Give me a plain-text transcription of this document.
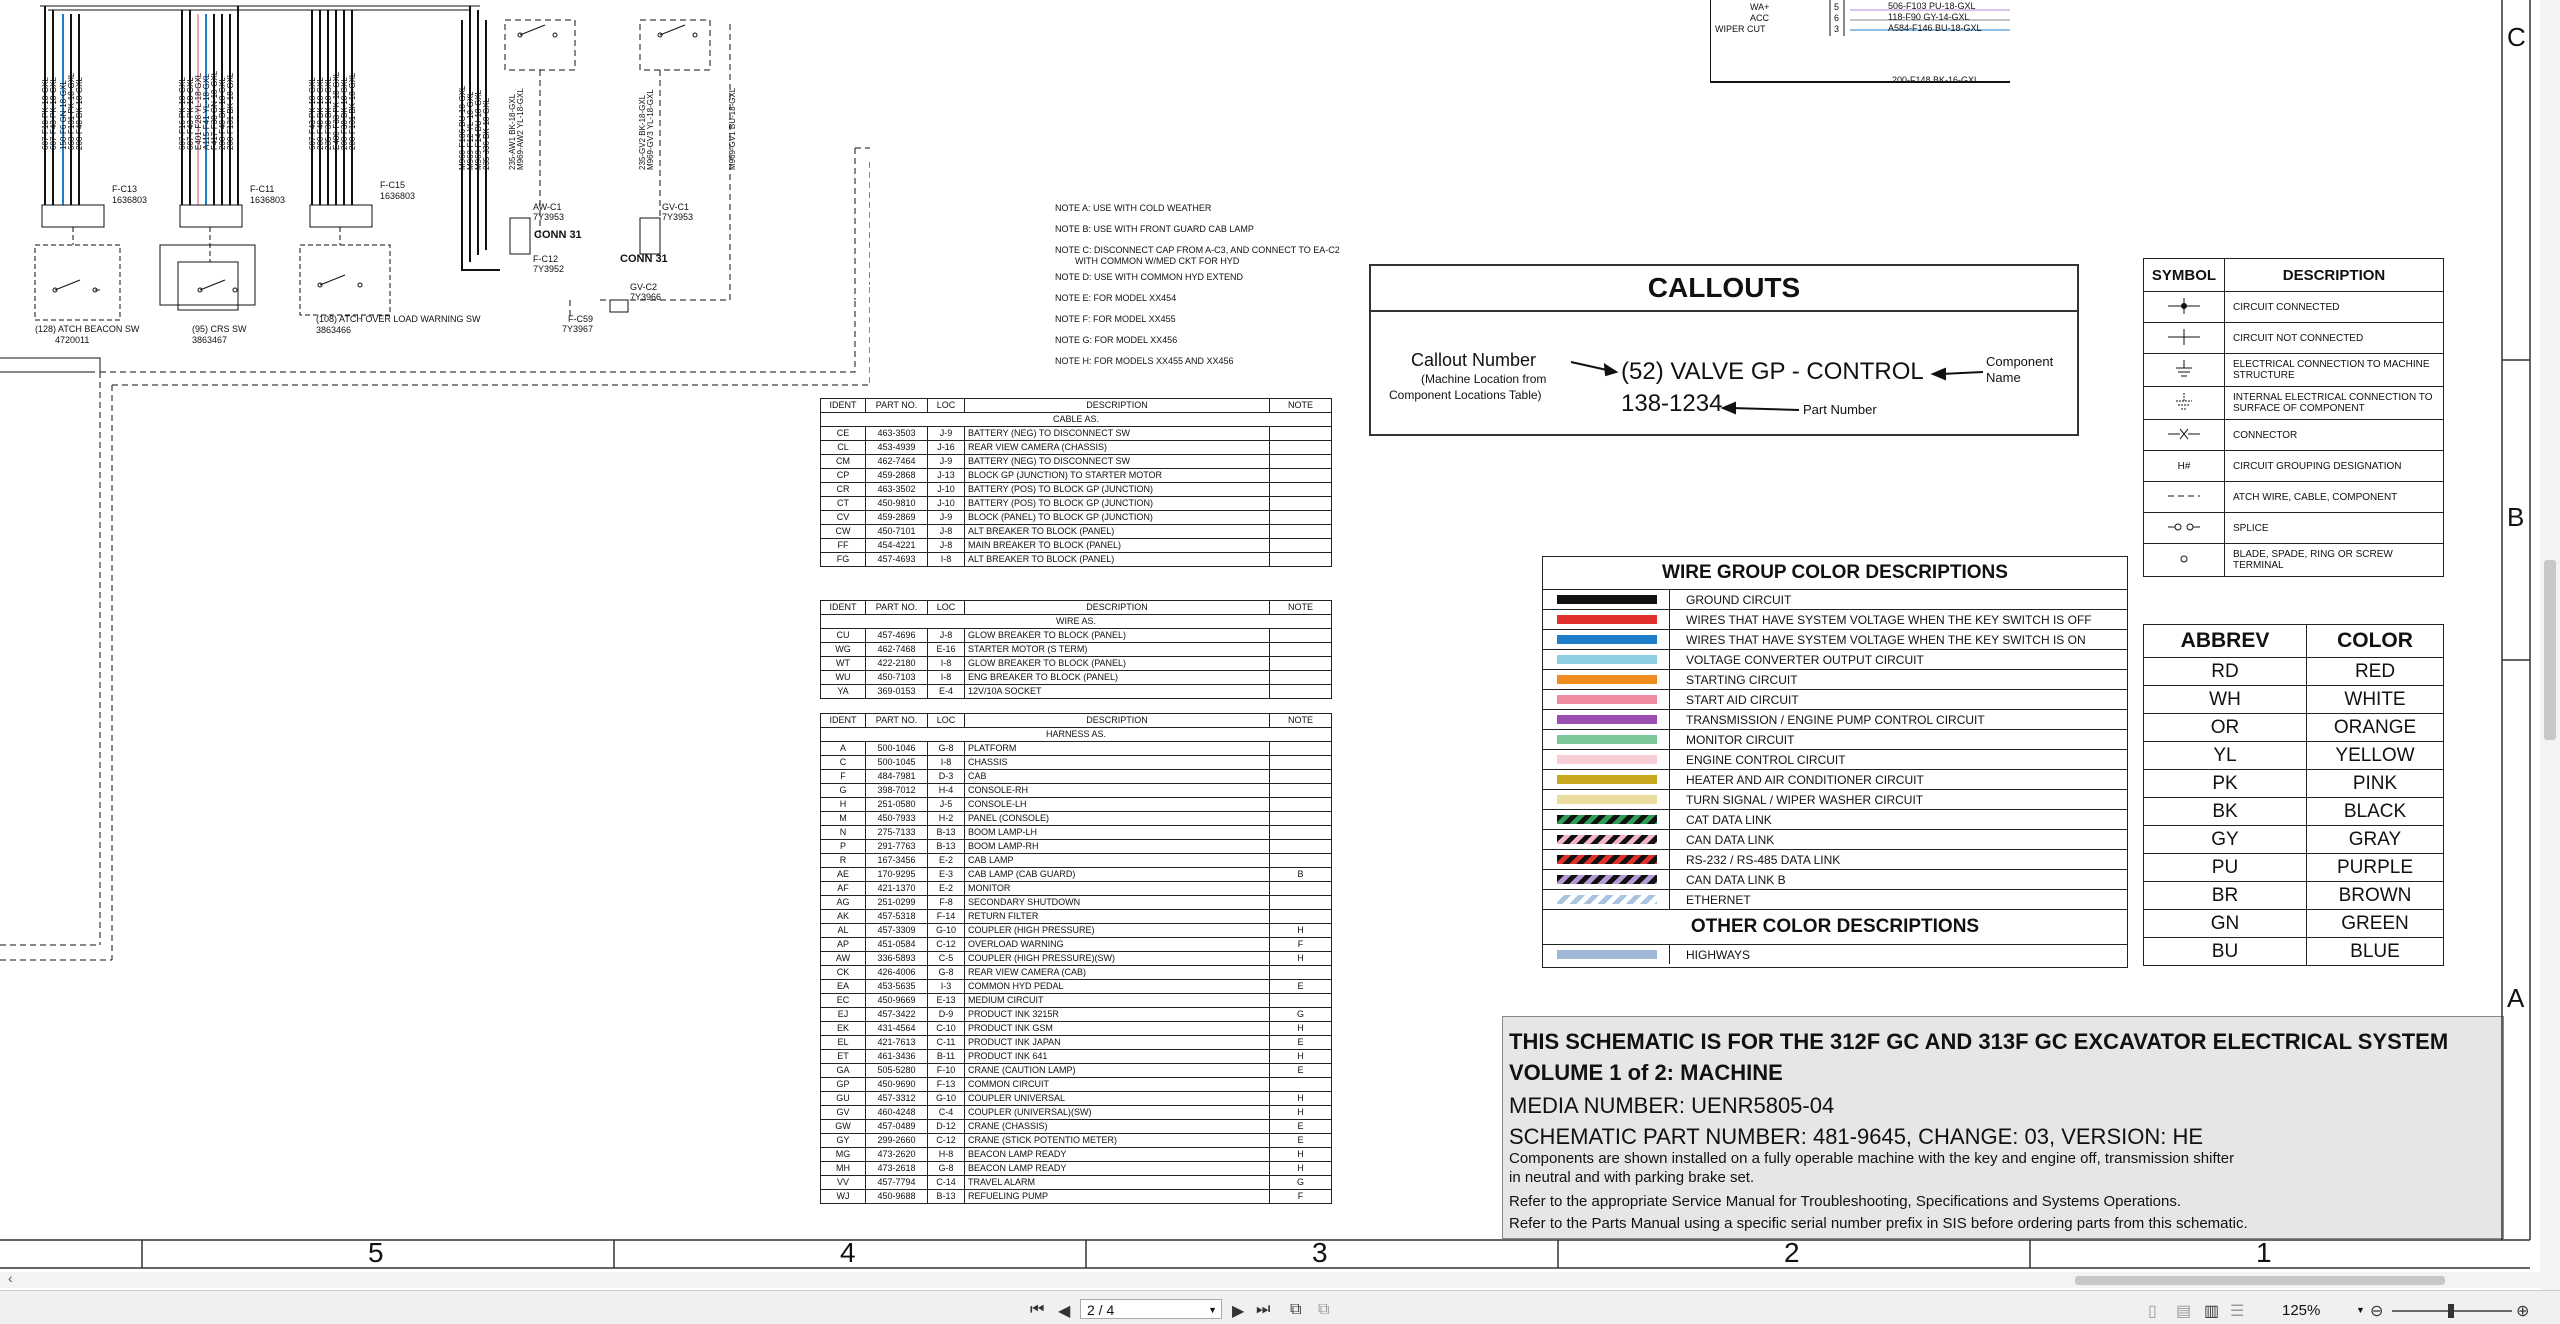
607-F18 PK-18-GXL 607-F43 PK-18-GXL 150-F6 GN-18-GXL 663-F131 PK-18-GXL 200-F48 BK-18-GXL	607-F16 PK-18-GXL 607-F43 PK-18-GXL E401-F28 YL-18-GXL A115-F41 YL-18-GXL F417-F38 GN-18-GXL 200-F48 BK-18-GXL 200-F131 BK-18-GXL	607-F43 PK-18-GXL 200-F48 BK-18-GXL 235-F38 BK-18-GXL E480-F33 PK-18-GXL 200-F38 BK-18-GXL 200-F131 BK-18-GXL	M960-F186 BU-18-GXL M969-F12 YL-18-GXL M969-F14 BU-18-GXL 235-J36 BK-18-GXL 235-AW1 BK-18-GXL M969-AW2 YL-18-GXL	235-GV2 BK-18-GXL M969-GV3 YL-18-GXL	M969-GV1 BU-18-GXL
F-C13
1636803
F-C11
1636803
F-C15
1636803
AW-C1
7Y3953
GV-C1
7Y3953
F-C12
7Y3952
GV-C2
7Y3966
F-C59
7Y3967
CONN 31
CONN 31
(128) ATCH BEACON SW
4720011
(95) CRS SW
3863467
(108) ATCH OVER LOAD WARNING SW
3863466
WA+
ACC
WIPER CUT
5
6
3
506-F103 PU-18-GXL
118-F90 GY-14-GXL
A584-F146 BU-18-GXL
200-F148 BK-16-GXL
NOTE A: USE WITH COLD WEATHER
NOTE B: USE WITH FRONT GUARD CAB LAMP
NOTE C: DISCONNECT CAP FROM A-C3, AND CONNECT TO EA-C2
WITH COMMON W/MED CKT FOR HYD
NOTE D: USE WITH COMMON HYD EXTEND
NOTE E: FOR MODEL XX454
NOTE F: FOR MODEL XX455
NOTE G: FOR MODEL XX456
NOTE H: FOR MODELS XX455 AND XX456
IDENT	PART NO.	LOC	DESCRIPTION	NOTE
CABLE AS.				
CE	463-3503	J-9	BATTERY (NEG) TO DISCONNECT SW	
CL	453-4939	J-16	REAR VIEW CAMERA (CHASSIS)	
CM	462-7464	J-9	BATTERY (NEG) TO DISCONNECT SW	
CP	459-2868	J-13	BLOCK GP (JUNCTION) TO STARTER MOTOR	
CR	463-3502	J-10	BATTERY (POS) TO BLOCK GP (JUNCTION)	
CT	450-9810	J-10	BATTERY (POS) TO BLOCK GP (JUNCTION)	
CV	459-2869	J-9	BLOCK (PANEL) TO BLOCK GP (JUNCTION)	
CW	450-7101	J-8	ALT BREAKER TO BLOCK (PANEL)	
FF	454-4221	J-8	MAIN BREAKER TO BLOCK (PANEL)	
FG	457-4693	I-8	ALT BREAKER TO BLOCK (PANEL)	
IDENT	PART NO.	LOC	DESCRIPTION	NOTE
WIRE AS.				
CU	457-4696	J-8	GLOW BREAKER TO BLOCK (PANEL)	
WG	462-7468	E-16	STARTER MOTOR (S TERM)	
WT	422-2180	I-8	GLOW BREAKER TO BLOCK (PANEL)	
WU	450-7103	I-8	ENG BREAKER TO BLOCK (PANEL)	
YA	369-0153	E-4	12V/10A SOCKET	
IDENT	PART NO.	LOC	DESCRIPTION	NOTE
HARNESS AS.				
A	500-1046	G-8	PLATFORM	
C	500-1045	I-8	CHASSIS	
F	484-7981	D-3	CAB	
G	398-7012	H-4	CONSOLE-RH	
H	251-0580	J-5	CONSOLE-LH	
M	450-7933	H-2	PANEL (CONSOLE)	
N	275-7133	B-13	BOOM LAMP-LH	
P	291-7763	B-13	BOOM LAMP-RH	
R	167-3456	E-2	CAB LAMP	
AE	170-9295	E-3	CAB LAMP (CAB GUARD)	B
AF	421-1370	E-2	MONITOR	
AG	251-0299	F-8	SECONDARY SHUTDOWN	
AK	457-5318	F-14	RETURN FILTER	
AL	457-3309	G-10	COUPLER (HIGH PRESSURE)	H
AP	451-0584	C-12	OVERLOAD WARNING	F
AW	336-5893	C-5	COUPLER (HIGH PRESSURE)(SW)	H
CK	426-4006	G-8	REAR VIEW CAMERA (CAB)	
EA	453-5635	I-3	COMMON HYD PEDAL	E
EC	450-9669	E-13	MEDIUM CIRCUIT	
EJ	457-3422	D-9	PRODUCT INK 3215R	G
EK	431-4564	C-10	PRODUCT INK GSM	H
EL	421-7613	C-11	PRODUCT INK JAPAN	E
ET	461-3436	B-11	PRODUCT INK 641	H
GA	505-5280	F-10	CRANE (CAUTION LAMP)	E
GP	450-9690	F-13	COMMON CIRCUIT	
GU	457-3312	G-10	COUPLER UNIVERSAL	H
GV	460-4248	C-4	COUPLER (UNIVERSAL)(SW)	H
GW	457-0489	D-12	CRANE (CHASSIS)	E
GY	299-2660	C-12	CRANE (STICK POTENTIO METER)	E
MG	473-2620	H-8	BEACON LAMP READY	H
MH	473-2618	G-8	BEACON LAMP READY	H
VV	457-7794	C-14	TRAVEL ALARM	G
WJ	450-9688	B-13	REFUELING PUMP	F
CALLOUTS
Callout Number
(Machine Location from
Component Locations Table)
(52) VALVE GP - CONTROL
138-1234
Component
Name
Part Number
WIRE GROUP COLOR DESCRIPTIONS
GROUND CIRCUIT
WIRES THAT HAVE SYSTEM VOLTAGE WHEN THE KEY SWITCH IS OFF
WIRES THAT HAVE SYSTEM VOLTAGE WHEN THE KEY SWITCH IS ON
VOLTAGE CONVERTER OUTPUT CIRCUIT
STARTING CIRCUIT
START AID CIRCUIT
TRANSMISSION / ENGINE PUMP CONTROL CIRCUIT
MONITOR CIRCUIT
ENGINE CONTROL CIRCUIT
HEATER AND AIR CONDITIONER CIRCUIT
TURN SIGNAL / WIPER WASHER CIRCUIT
CAT DATA LINK
CAN DATA LINK
RS-232 / RS-485 DATA LINK
CAN DATA LINK B
ETHERNET
OTHER COLOR DESCRIPTIONS
HIGHWAYS
SYMBOL	DESCRIPTION
	CIRCUIT CONNECTED
	CIRCUIT NOT CONNECTED
	ELECTRICAL CONNECTION TO MACHINE STRUCTURE
	INTERNAL ELECTRICAL CONNECTION TO SURFACE OF COMPONENT
	CONNECTOR
H#	CIRCUIT GROUPING DESIGNATION
	ATCH WIRE, CABLE, COMPONENT
	SPLICE
	BLADE, SPADE, RING OR SCREW TERMINAL
ABBREV	COLOR
RD	RED
WH	WHITE
OR	ORANGE
YL	YELLOW
PK	PINK
BK	BLACK
GY	GRAY
PU	PURPLE
BR	BROWN
GN	GREEN
BU	BLUE
THIS SCHEMATIC IS FOR THE 312F GC AND 313F GC EXCAVATOR ELECTRICAL SYSTEM
VOLUME 1 of 2: MACHINE
MEDIA NUMBER: UENR5805-04
SCHEMATIC PART NUMBER: 481-9645, CHANGE: 03, VERSION: HE
Components are shown installed on a fully operable machine with the key and engine off, transmission shifter
in neutral and with parking brake set.
Refer to the appropriate Service Manual for Troubleshooting, Specifications and Systems Operations.
Refer to the Parts Manual using a specific serial number prefix in SIS before ordering parts from this schematic.
C
B
A
5	4	3	2	1
‹
⏮ ◀	2 / 4	▼ ▶ ⏭ ⧉ ⧉	▯ ▤ ▥ ☰	125%	▼ ⊖	⊕
